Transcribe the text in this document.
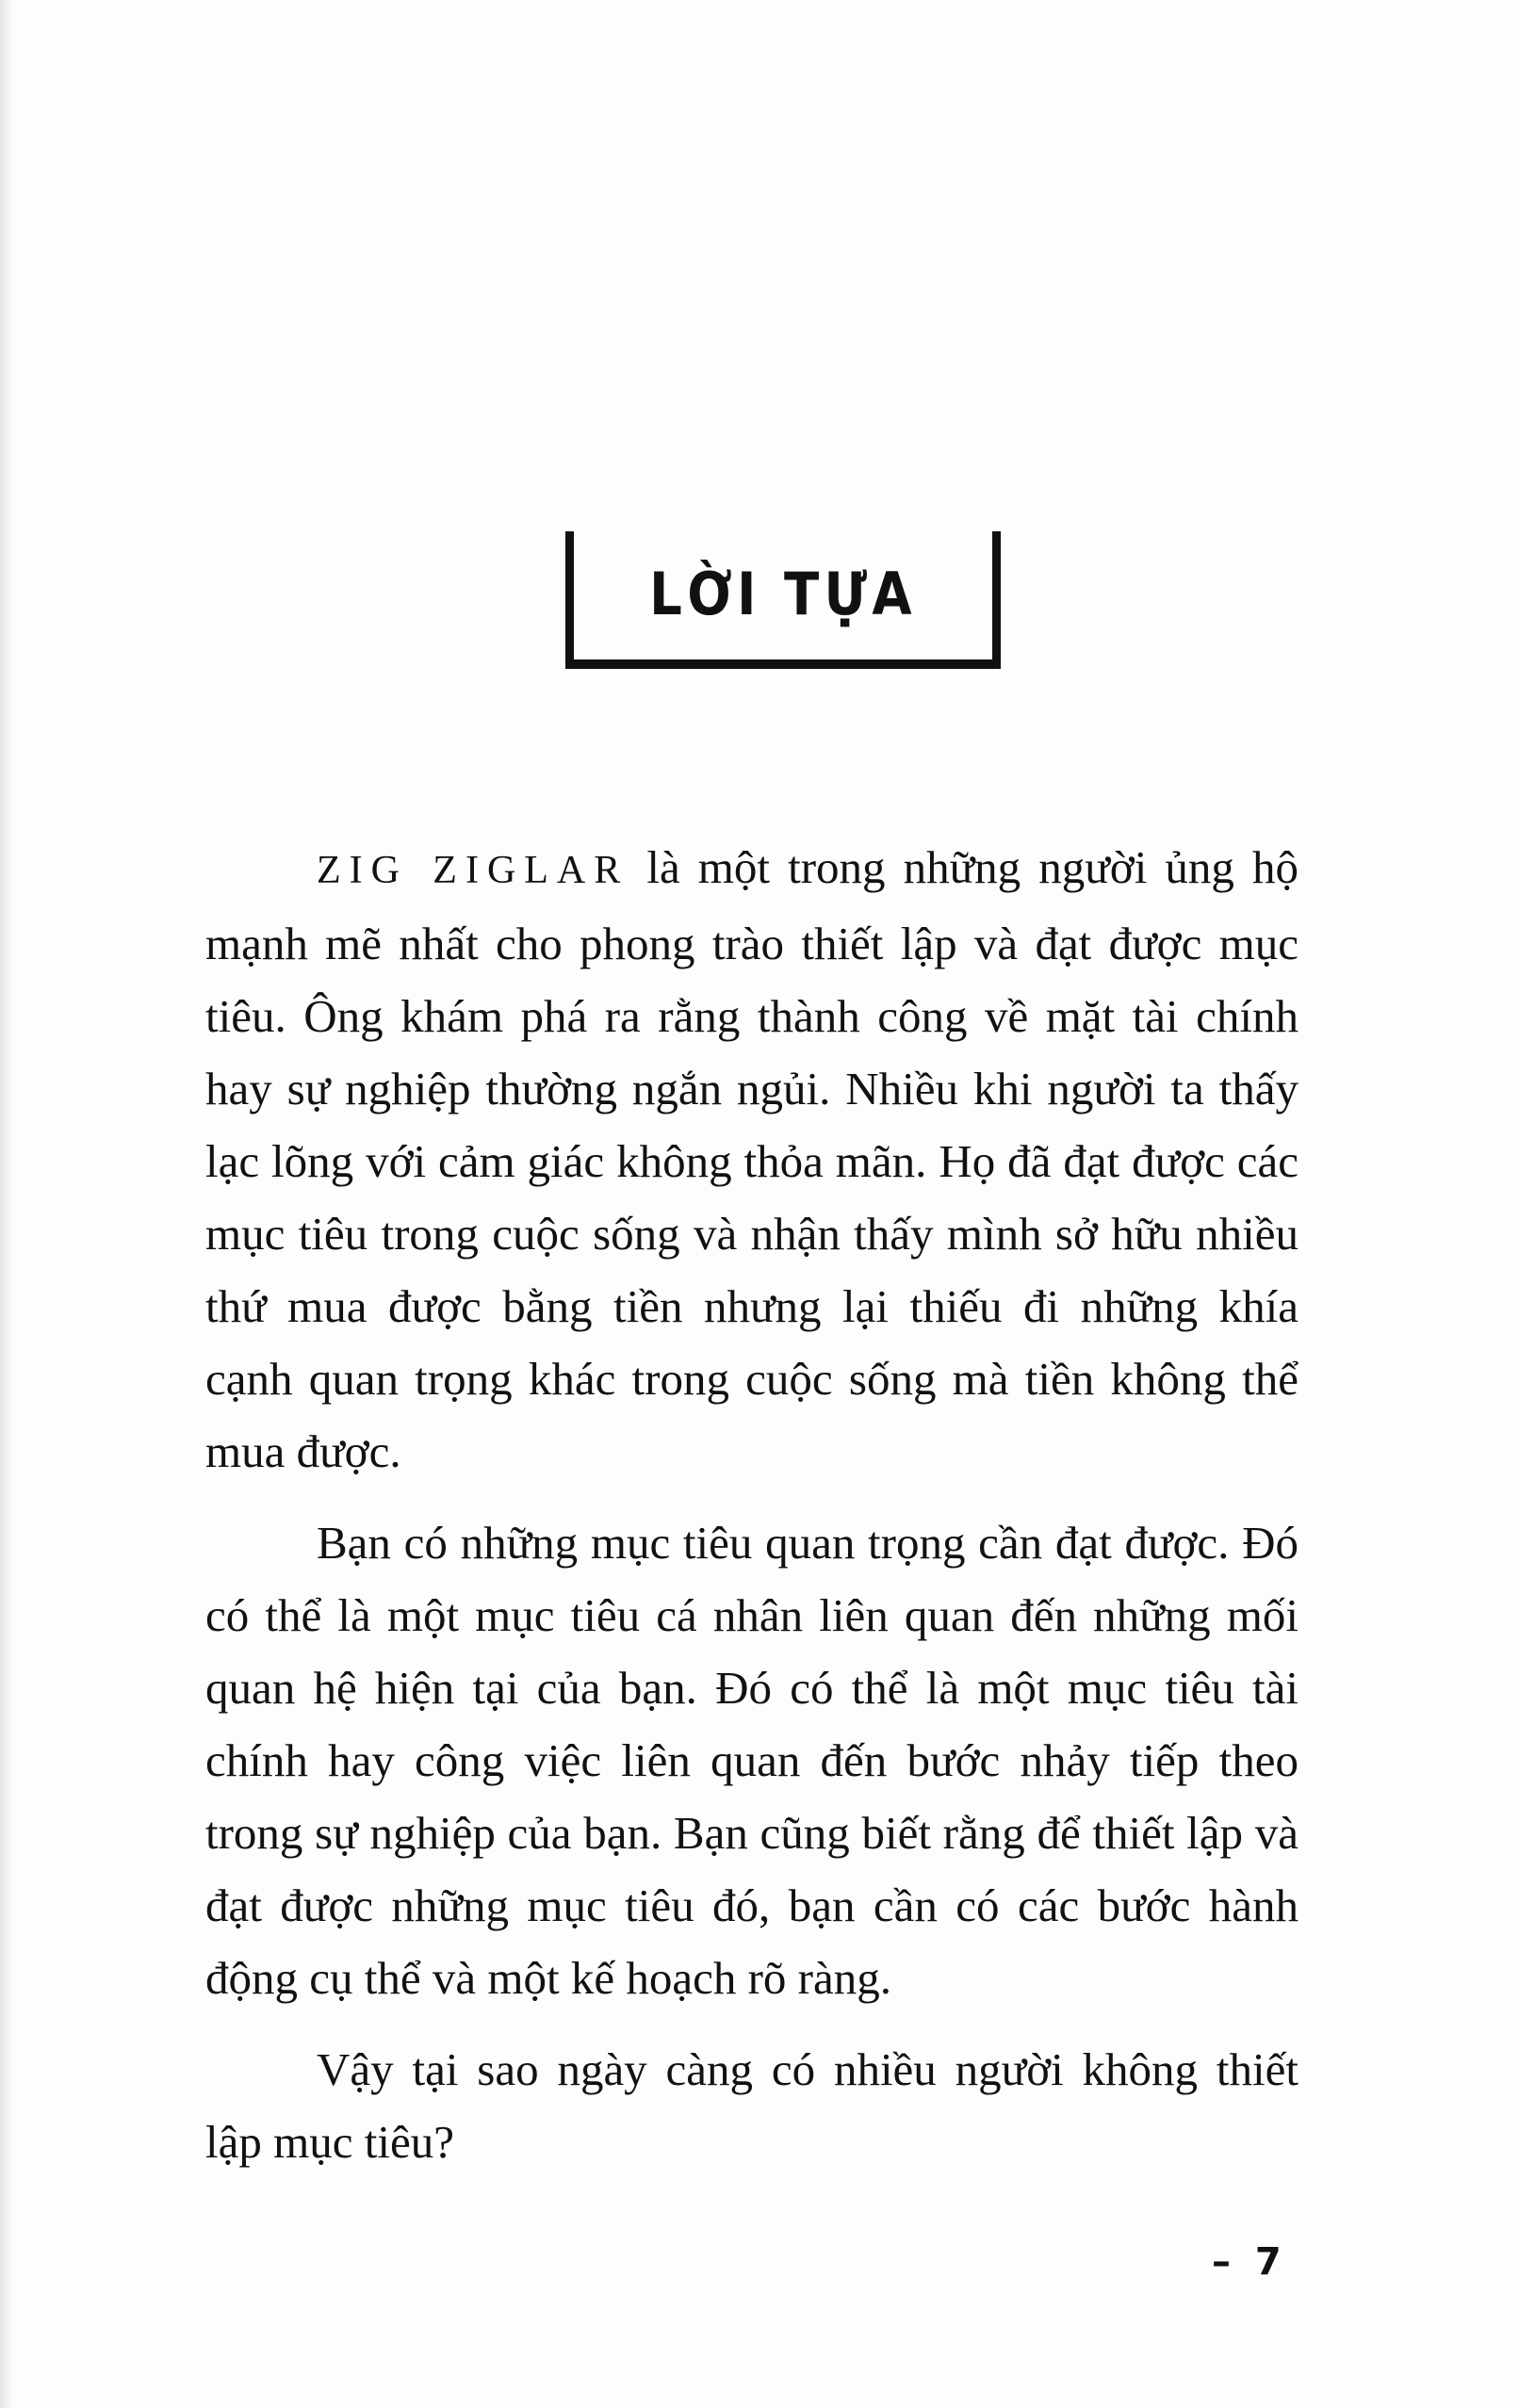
LỜI TỰA

ZIG ZIGLAR là một trong những người ủng hộ mạnh mẽ nhất cho phong trào thiết lập và đạt được mục tiêu. Ông khám phá ra rằng thành công về mặt tài chính hay sự nghiệp thường ngắn ngủi. Nhiều khi người ta thấy lạc lõng với cảm giác không thỏa mãn. Họ đã đạt được các mục tiêu trong cuộc sống và nhận thấy mình sở hữu nhiều thứ mua được bằng tiền nhưng lại thiếu đi những khía cạnh quan trọng khác trong cuộc sống mà tiền không thể mua được.

Bạn có những mục tiêu quan trọng cần đạt được. Đó có thể là một mục tiêu cá nhân liên quan đến những mối quan hệ hiện tại của bạn. Đó có thể là một mục tiêu tài chính hay công việc liên quan đến bước nhảy tiếp theo trong sự nghiệp của bạn. Bạn cũng biết rằng để thiết lập và đạt được những mục tiêu đó, bạn cần có các bước hành động cụ thể và một kế hoạch rõ ràng.

Vậy tại sao ngày càng có nhiều người không thiết lập mục tiêu?

– 7
